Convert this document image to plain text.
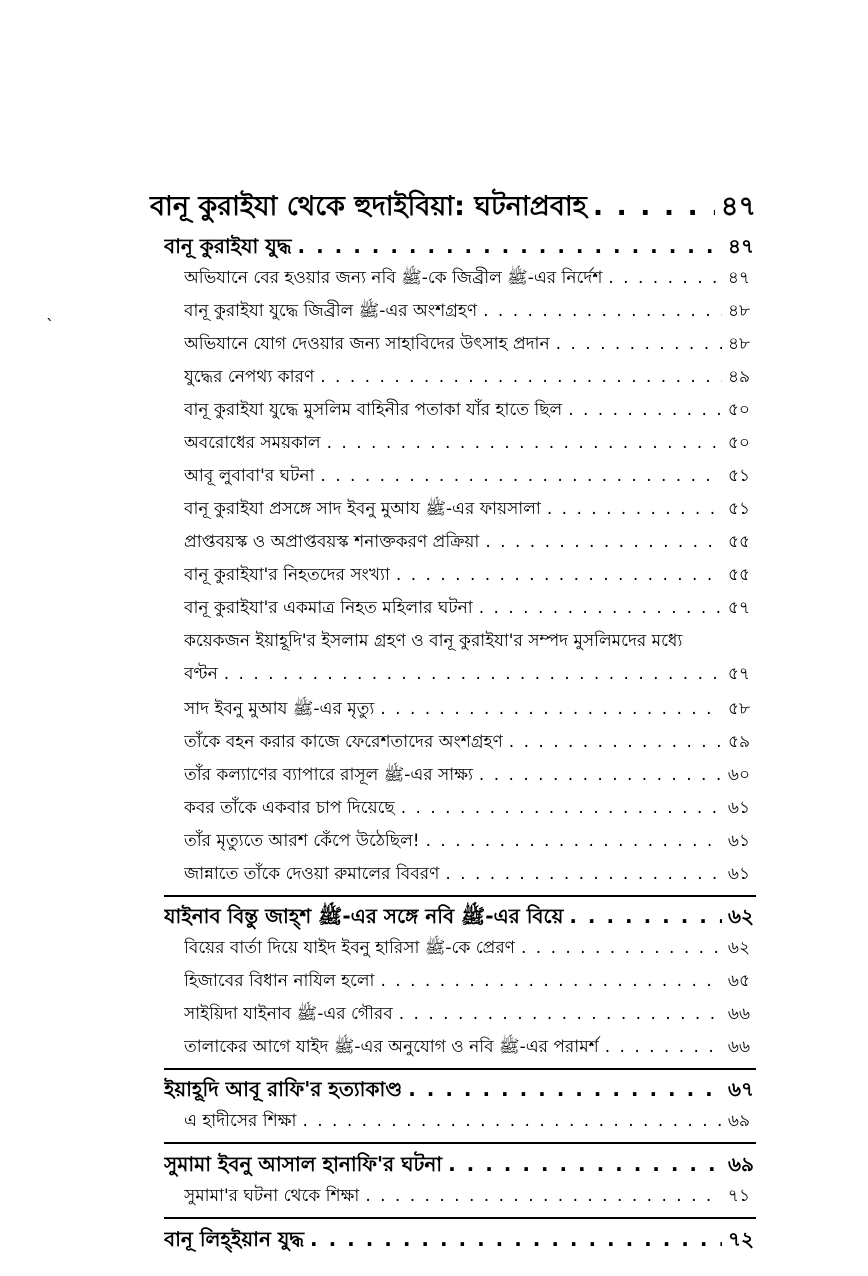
`
বানূ কুরাইযা থেকে হুদাইবিয়া: ঘটনাপ্রবাহ . . .	৪৭
বানূ কুরাইযা যুদ্ধ . . .	৪৭
অভিযানে বের হওয়ার জন্য নবি ﷺ-কে জিব্রীল ﷺ-এর নির্দেশ . . .	৪৭
বানূ কুরাইযা যুদ্ধে জিব্রীল ﷺ-এর অংশগ্রহণ . . .	৪৮
অভিযানে যোগ দেওয়ার জন্য সাহাবিদের উৎসাহ প্রদান . . .	৪৮
যুদ্ধের নেপথ্য কারণ . . .	৪৯
বানূ কুরাইযা যুদ্ধে মুসলিম বাহিনীর পতাকা যাঁর হাতে ছিল . . .	৫০
অবরোধের সময়কাল . . .	৫০
আবূ লুবাবা'র ঘটনা . . .	৫১
বানূ কুরাইযা প্রসঙ্গে সাদ ইবনু মুআয ﷺ-এর ফায়সালা . . .	৫১
প্রাপ্তবয়স্ক ও অপ্রাপ্তবয়স্ক শনাক্তকরণ প্রক্রিয়া . . .	৫৫
বানূ কুরাইযা'র নিহতদের সংখ্যা . . .	৫৫
বানূ কুরাইযা'র একমাত্র নিহত মহিলার ঘটনা . . .	৫৭
কয়েকজন ইয়াহূদি'র ইসলাম গ্রহণ ও বানূ কুরাইযা'র সম্পদ মুসলিমদের মধ্যে
বণ্টন . . .	৫৭
সাদ ইবনু মুআয ﷺ-এর মৃত্যু . . .	৫৮
তাঁকে বহন করার কাজে ফেরেশতাদের অংশগ্রহণ . . .	৫৯
তাঁর কল্যাণের ব্যাপারে রাসূল ﷺ-এর সাক্ষ্য . . .	৬০
কবর তাঁকে একবার চাপ দিয়েছে . . .	৬১
তাঁর মৃত্যুতে আরশ কেঁপে উঠেছিল! . . .	৬১
জান্নাতে তাঁকে দেওয়া রুমালের বিবরণ . . .	৬১
যাইনাব বিন্তু জাহ্শ ﷺ-এর সঙ্গে নবি ﷺ-এর বিয়ে . . .	৬২
বিয়ের বার্তা দিয়ে যাইদ ইবনু হারিসা ﷺ-কে প্রেরণ . . .	৬২
হিজাবের বিধান নাযিল হলো . . .	৬৫
সাইয়িদা যাইনাব ﷺ-এর গৌরব . . .	৬৬
তালাকের আগে যাইদ ﷺ-এর অনুযোগ ও নবি ﷺ-এর পরামর্শ . . .	৬৬
ইয়াহূদি আবূ রাফি'র হত্যাকাণ্ড . . .	৬৭
এ হাদীসের শিক্ষা . . .	৬৯
সুমামা ইবনু আসাল হানাফি'র ঘটনা . . .	৬৯
সুমামা'র ঘটনা থেকে শিক্ষা . . .	৭১
বানূ লিহ্ইয়ান যুদ্ধ . . .	৭২
